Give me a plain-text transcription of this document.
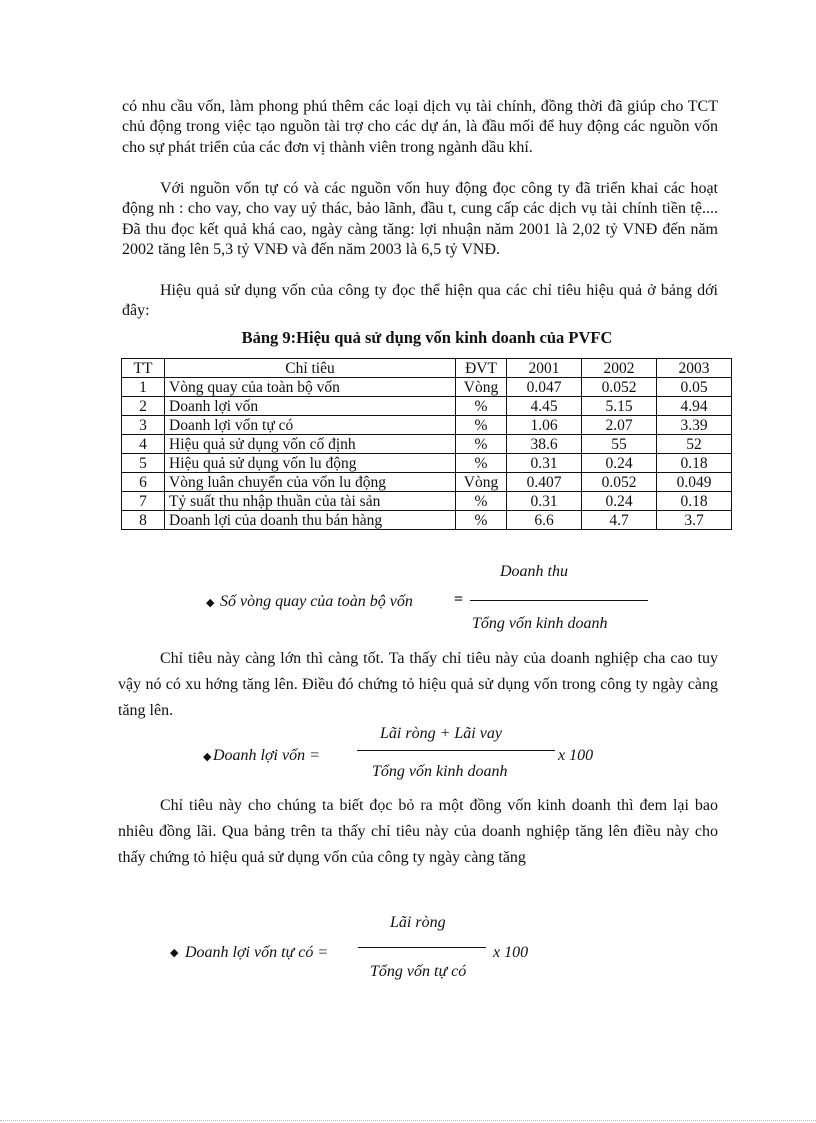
có nhu cầu vốn, làm phong phú thêm các loại dịch vụ tài chính, đồng thời đã giúp cho TCT chủ động trong việc tạo nguồn tài trợ cho các dự án, là đầu mối để huy động các nguồn vốn cho sự phát triển của các đơn vị thành viên trong ngành dầu khí.

Với nguồn vốn tự có và các nguồn vốn huy động đọc công ty đã triển khai các hoạt động nh : cho vay, cho vay uỷ thác, bảo lãnh, đầu t, cung cấp các dịch vụ tài chính tiền tệ.... Đã thu đọc kết quả khá cao, ngày càng tăng: lợi nhuận năm 2001 là 2,02 tỷ VNĐ đến năm 2002 tăng lên 5,3 tỷ VNĐ và đến năm 2003 là 6,5 tỷ VNĐ.

Hiệu quả sử dụng vốn của công ty đọc thể hiện qua các chỉ tiêu hiệu quả ở bảng dới đây:

Bảng 9:Hiệu quả sử dụng vốn kinh doanh của PVFC

TT	Chỉ tiêu	ĐVT	2001	2002	2003
1	Vòng quay của toàn bộ vốn	Vòng	0.047	0.052	0.05
2	Doanh lợi vốn	%	4.45	5.15	4.94
3	Doanh lợi vốn tự có	%	1.06	2.07	3.39
4	Hiệu quả sử dụng vốn cố định	%	38.6	55	52
5	Hiệu quả sử dụng vốn lu động	%	0.31	0.24	0.18
6	Vòng luân chuyển của vốn lu động	Vòng	0.407	0.052	0.049
7	Tỷ suất thu nhập thuần của tài sản	%	0.31	0.24	0.18
8	Doanh lợi của doanh thu bán hàng	%	6.6	4.7	3.7
Doanh thu
◆ Số vòng quay của toàn bộ vốn	=
Tổng vốn kinh doanh

Chỉ tiêu này càng lớn thì càng tốt. Ta thấy chỉ tiêu này của doanh nghiệp cha cao tuy vậy nó có xu hớng tăng lên. Điều đó chứng tỏ hiệu quả sử dụng vốn trong công ty ngày càng tăng lên.

Lãi ròng + Lãi vay
◆ Doanh lợi vốn =	x 100
Tổng vốn kinh doanh

Chỉ tiêu này cho chúng ta biết đọc bỏ ra một đồng vốn kinh doanh thì đem lại bao nhiêu đồng lãi. Qua bảng trên ta thấy chỉ tiêu này của doanh nghiệp tăng lên điều này cho thấy chứng tỏ hiệu quả sử dụng vốn của công ty ngày càng tăng

Lãi ròng
◆ Doanh lợi vốn tự có =	x 100
Tổng vốn tự có
